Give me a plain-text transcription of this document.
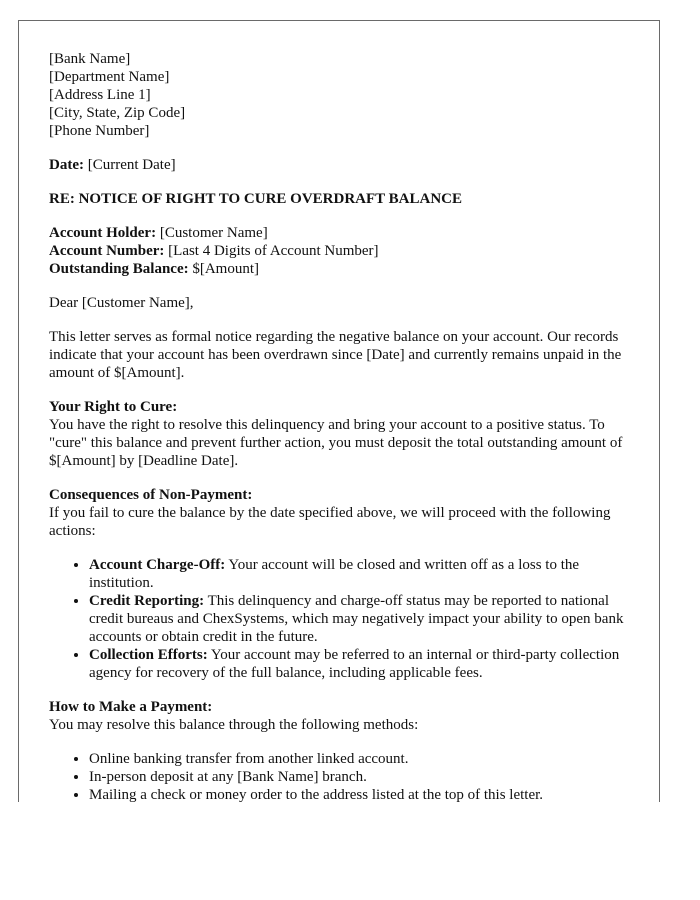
[Bank Name]
[Department Name]
[Address Line 1]
[City, State, Zip Code]
[Phone Number]

Date: [Current Date]

RE: NOTICE OF RIGHT TO CURE OVERDRAFT BALANCE

Account Holder: [Customer Name]
Account Number: [Last 4 Digits of Account Number]
Outstanding Balance: $[Amount]

Dear [Customer Name],

This letter serves as formal notice regarding the negative balance on your account. Our records indicate that your account has been overdrawn since [Date] and currently remains unpaid in the amount of $[Amount].

Your Right to Cure:

You have the right to resolve this delinquency and bring your account to a positive status. To "cure" this balance and prevent further action, you must deposit the total outstanding amount of $[Amount] by [Deadline Date].

Consequences of Non-Payment:

If you fail to cure the balance by the date specified above, we will proceed with the following actions:

• Account Charge-Off: Your account will be closed and written off as a loss to the institution.
• Credit Reporting: This delinquency and charge-off status may be reported to national credit bureaus and ChexSystems, which may negatively impact your ability to open bank accounts or obtain credit in the future.
• Collection Efforts: Your account may be referred to an internal or third-party collection agency for recovery of the full balance, including applicable fees.

How to Make a Payment:

You may resolve this balance through the following methods:

• Online banking transfer from another linked account.
• In-person deposit at any [Bank Name] branch.
• Mailing a check or money order to the address listed at the top of this letter.
